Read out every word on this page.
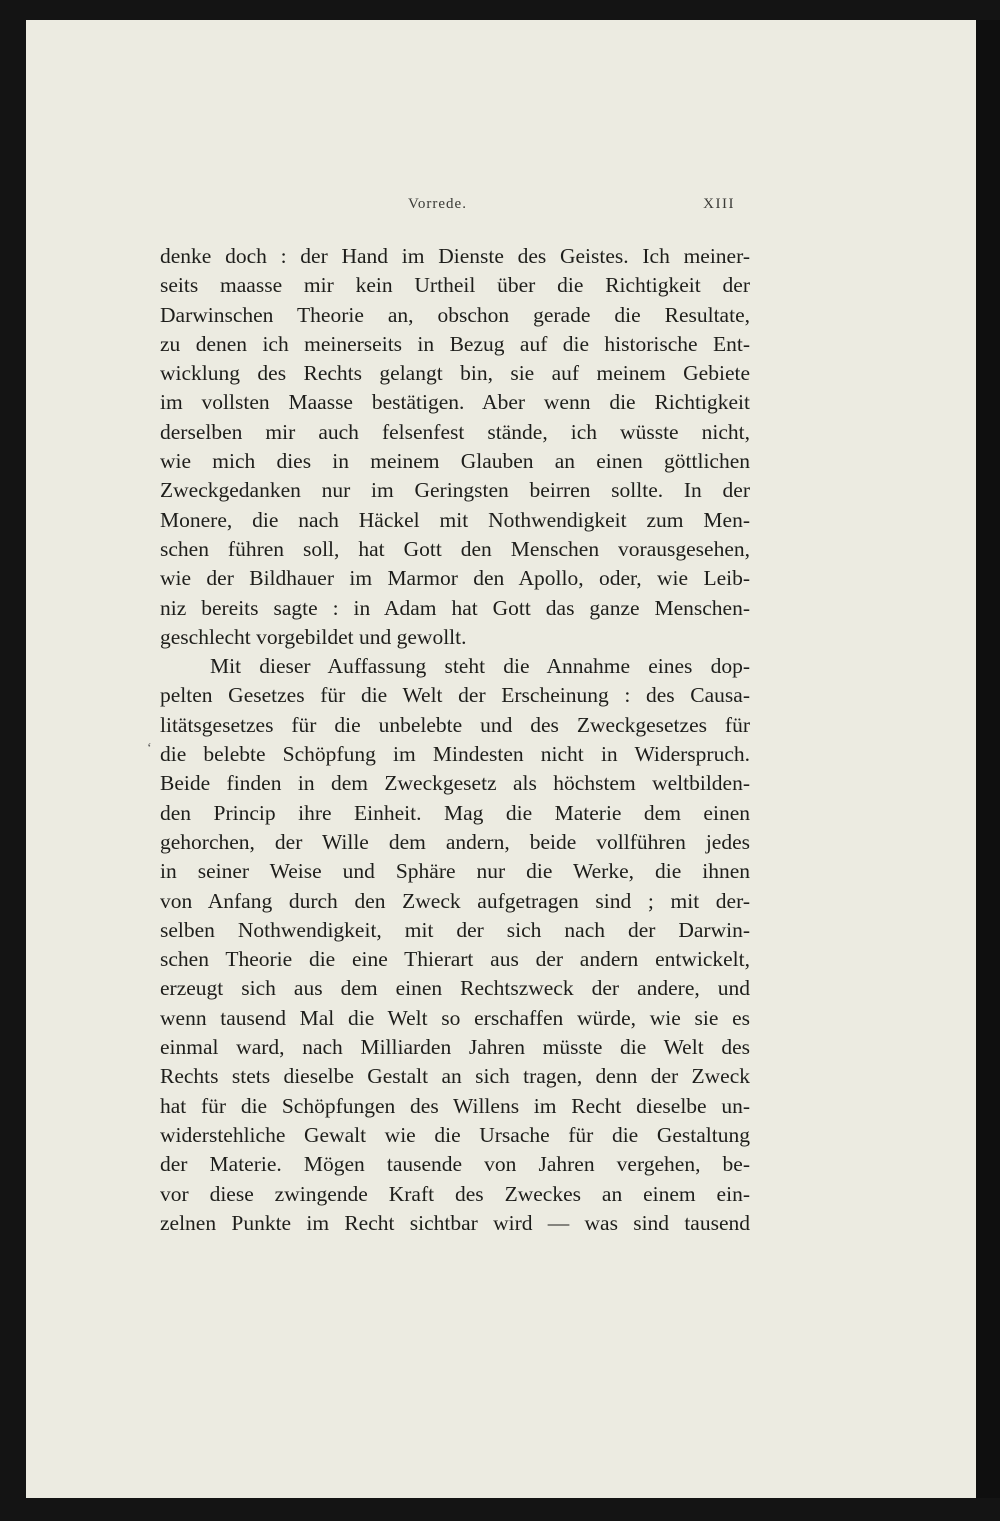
Vorrede.	XIII
ʻ
denke doch : der Hand im Dienste des Geistes. Ich meiner-
seits maasse mir kein Urtheil über die Richtigkeit der
Darwinschen Theorie an, obschon gerade die Resultate,
zu denen ich meinerseits in Bezug auf die historische Ent-
wicklung des Rechts gelangt bin, sie auf meinem Gebiete
im vollsten Maasse bestätigen. Aber wenn die Richtigkeit
derselben mir auch felsenfest stände, ich wüsste nicht,
wie mich dies in meinem Glauben an einen göttlichen
Zweckgedanken nur im Geringsten beirren sollte. In der
Monere, die nach Häckel mit Nothwendigkeit zum Men-
schen führen soll, hat Gott den Menschen vorausgesehen,
wie der Bildhauer im Marmor den Apollo, oder, wie Leib-
niz bereits sagte : in Adam hat Gott das ganze Menschen-
geschlecht vorgebildet und gewollt.
Mit dieser Auffassung steht die Annahme eines dop-
pelten Gesetzes für die Welt der Erscheinung : des Causa-
litätsgesetzes für die unbelebte und des Zweckgesetzes für
die belebte Schöpfung im Mindesten nicht in Widerspruch.
Beide finden in dem Zweckgesetz als höchstem weltbilden-
den Princip ihre Einheit. Mag die Materie dem einen
gehorchen, der Wille dem andern, beide vollführen jedes
in seiner Weise und Sphäre nur die Werke, die ihnen
von Anfang durch den Zweck aufgetragen sind ; mit der-
selben Nothwendigkeit, mit der sich nach der Darwin-
schen Theorie die eine Thierart aus der andern entwickelt,
erzeugt sich aus dem einen Rechtszweck der andere, und
wenn tausend Mal die Welt so erschaffen würde, wie sie es
einmal ward, nach Milliarden Jahren müsste die Welt des
Rechts stets dieselbe Gestalt an sich tragen, denn der Zweck
hat für die Schöpfungen des Willens im Recht dieselbe un-
widerstehliche Gewalt wie die Ursache für die Gestaltung
der Materie. Mögen tausende von Jahren vergehen, be-
vor diese zwingende Kraft des Zweckes an einem ein-
zelnen Punkte im Recht sichtbar wird — was sind tausend
